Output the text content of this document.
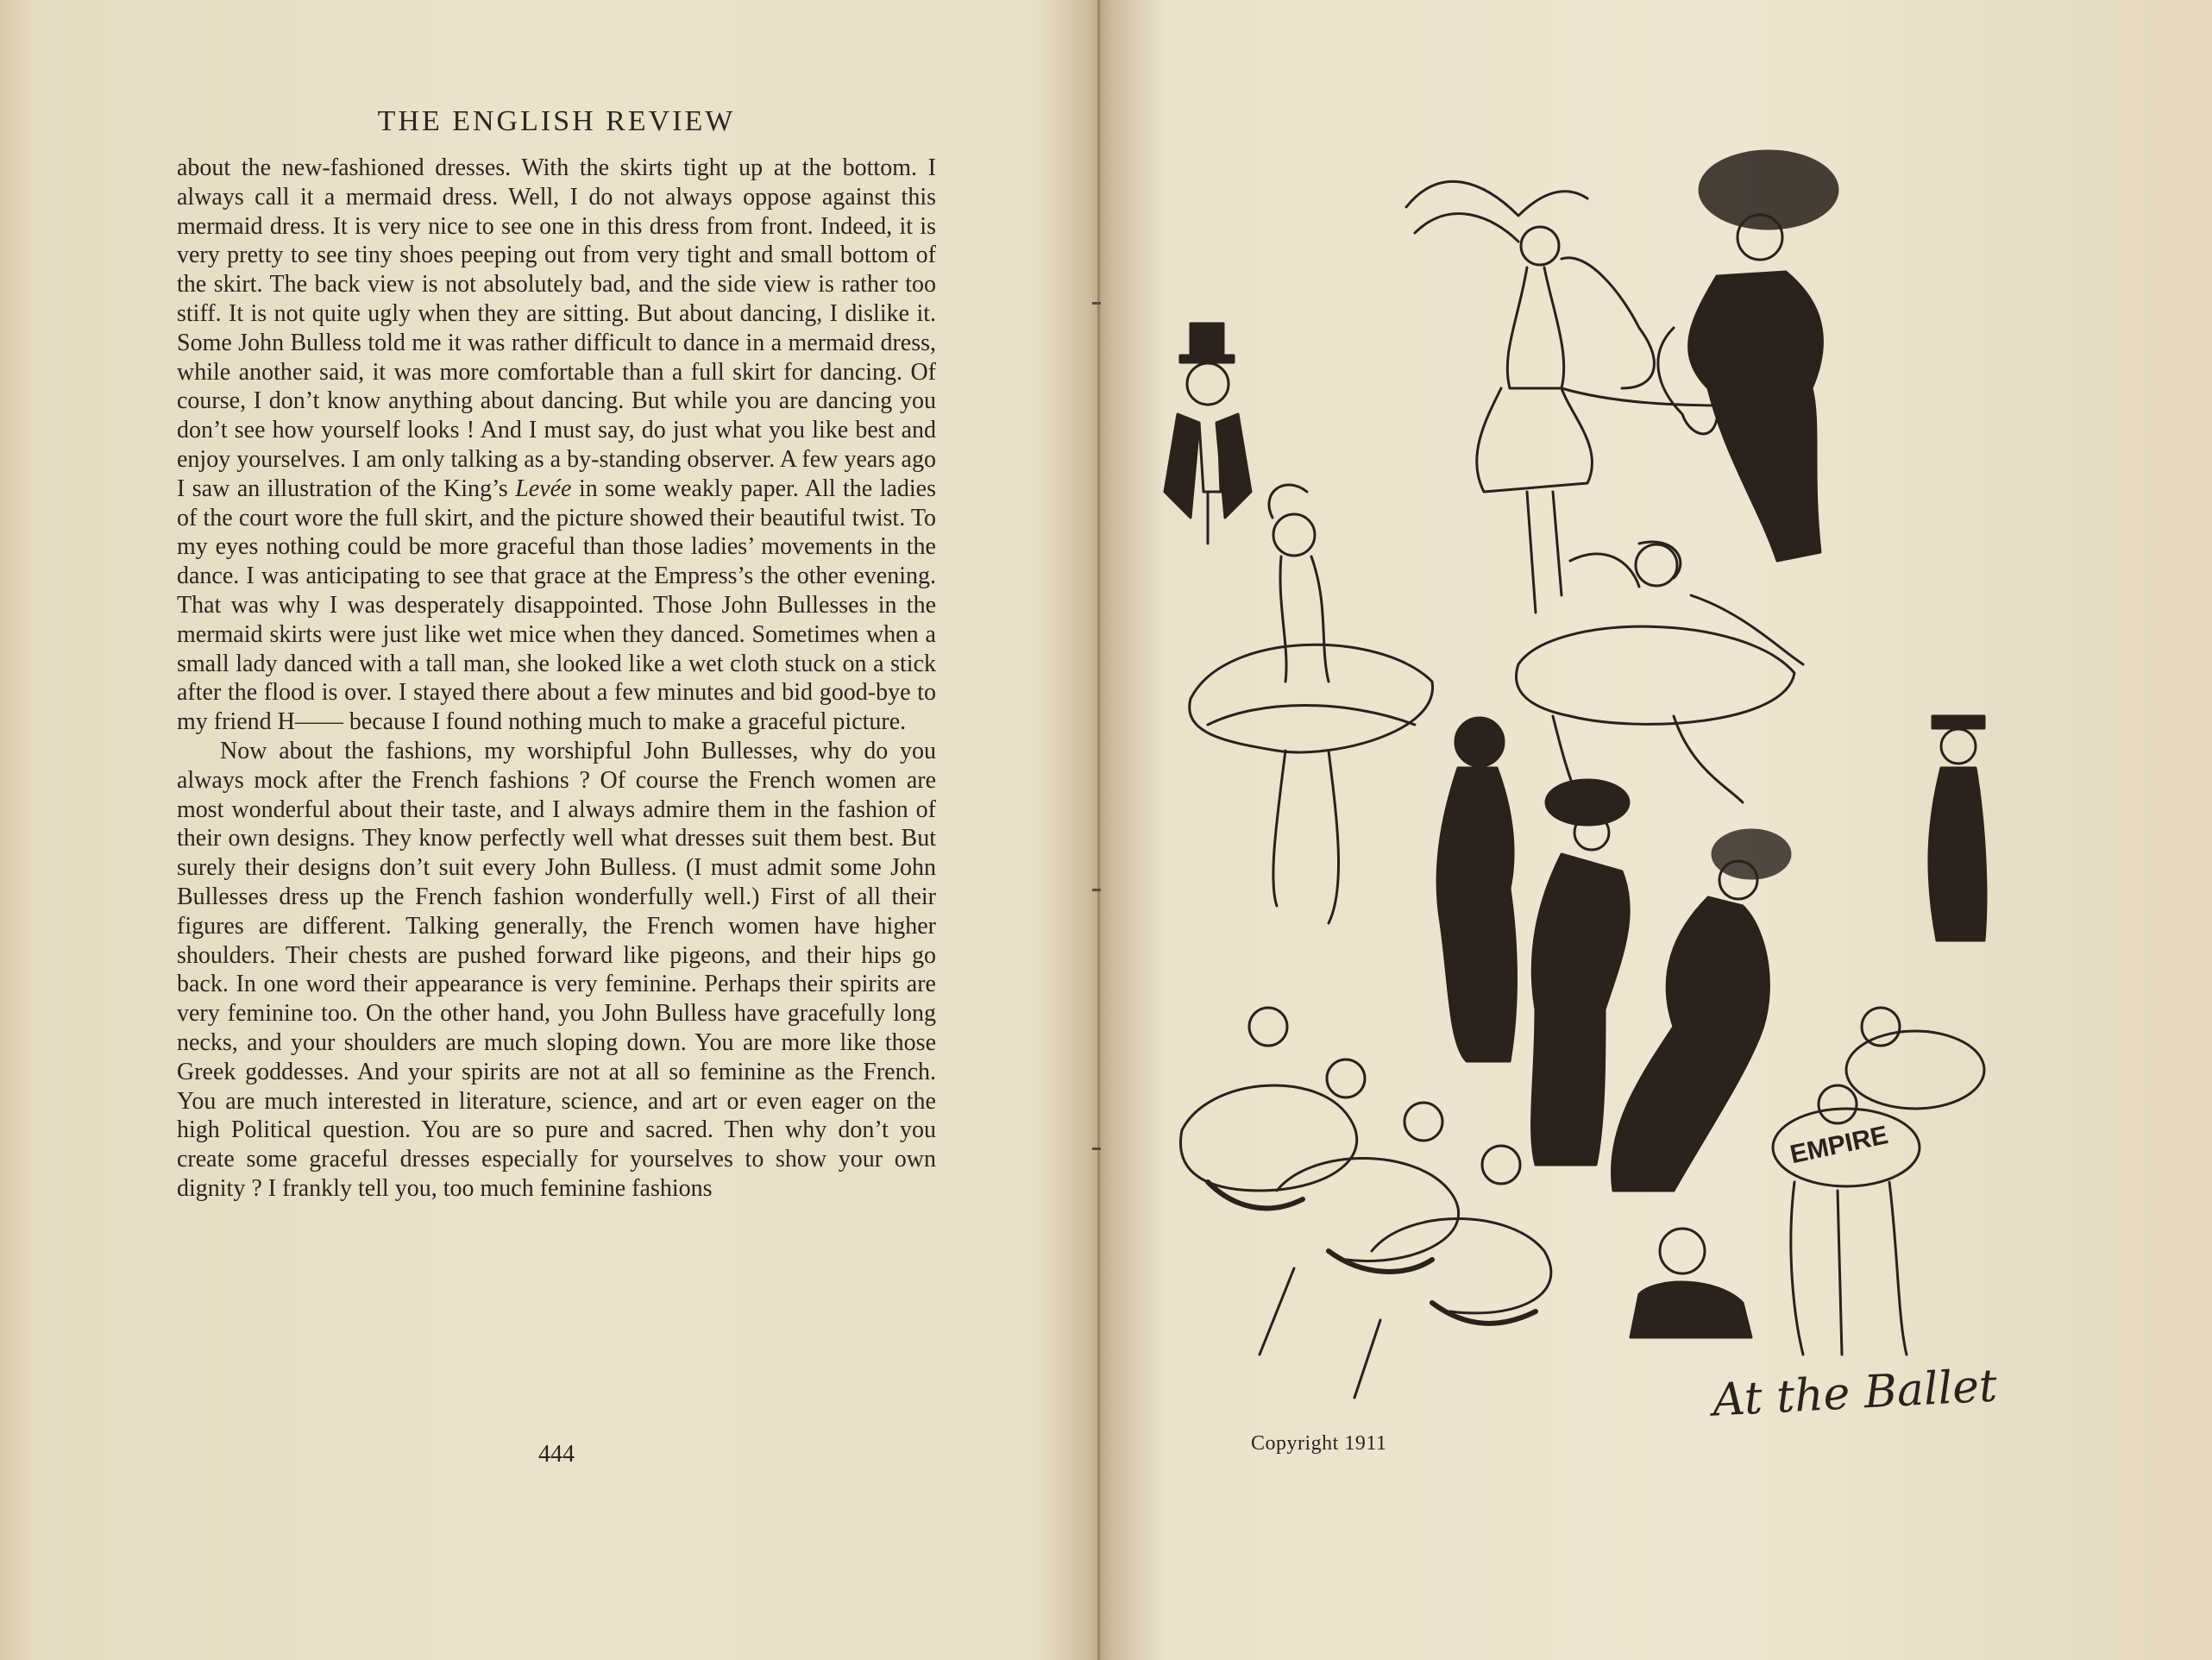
THE ENGLISH REVIEW

about the new-fashioned dresses. With the skirts tight up at the bottom. I always call it a mermaid dress. Well, I do not always oppose against this mermaid dress. It is very nice to see one in this dress from front. Indeed, it is very pretty to see tiny shoes peeping out from very tight and small bottom of the skirt. The back view is not absolutely bad, and the side view is rather too stiff. It is not quite ugly when they are sitting. But about dancing, I dislike it. Some John Bulless told me it was rather difficult to dance in a mermaid dress, while another said, it was more comfortable than a full skirt for dancing. Of course, I don’t know anything about dancing. But while you are dancing you don’t see how yourself looks ! And I must say, do just what you like best and enjoy yourselves. I am only talking as a by-standing observer. A few years ago I saw an illustration of the King’s Levée in some weakly paper. All the ladies of the court wore the full skirt, and the picture showed their beautiful twist. To my eyes nothing could be more graceful than those ladies’ movements in the dance. I was anticipating to see that grace at the Empress’s the other evening. That was why I was desperately disappointed. Those John Bullesses in the mermaid skirts were just like wet mice when they danced. Sometimes when a small lady danced with a tall man, she looked like a wet cloth stuck on a stick after the flood is over. I stayed there about a few minutes and bid good-bye to my friend H—— because I found nothing much to make a graceful picture.

Now about the fashions, my worshipful John Bullesses, why do you always mock after the French fashions ? Of course the French women are most wonderful about their taste, and I always admire them in the fashion of their own designs. They know perfectly well what dresses suit them best. But surely their designs don’t suit every John Bulless. (I must admit some John Bullesses dress up the French fashion wonderfully well.) First of all their figures are different. Talking generally, the French women have higher shoulders. Their chests are pushed forward like pigeons, and their hips go back. In one word their appearance is very feminine. Perhaps their spirits are very feminine too. On the other hand, you John Bulless have gracefully long necks, and your shoulders are much sloping down. You are more like those Greek goddesses. And your spirits are not at all so feminine as the French. You are much interested in literature, science, and art or even eager on the high Political question. You are so pure and sacred. Then why don’t you create some graceful dresses especially for yourselves to show your own dignity ? I frankly tell you, too much feminine fashions

444
EMPIRE
At the Ballet
Copyright 1911
